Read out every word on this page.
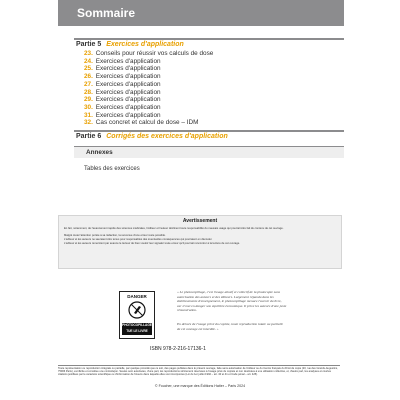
Sommaire
Partie 5 Exercices d'application
23. Conseils pour réussir vos calculs de dose
24. Exercices d'application
25. Exercices d'application
26. Exercices d'application
27. Exercices d'application
28. Exercices d'application
29. Exercices d'application
30. Exercices d'application
31. Exercices d'application
32. Cas concret et calcul de dose – IDM
Partie 6 Corrigés des exercices d'application
Annexes
Tables des exercices
Avertissement

En fait, notamment, de l'avancement rapide des sciences médicales, l'éditeur et l'auteur déclinent toute responsabilité du mauvais usage qui pourrait être fait du contenu de cet ouvrage.

Malgré toute l'attention portée à sa rédaction, la survenue d'une erreur reste possible.

L'éditeur et les auteurs ne sauraient être tenus pour responsables des éventuelles conséquences qui pourraient en découler.

L'éditeur et les auteurs remercient par avance le lecteur de bien vouloir leur signaler toute erreur qu'il pourrait rencontrer à la lecture de cet ouvrage.

DANGER
PHOTOCOPILLAGE
TUE LE LIVRE

« Le photocopillage, c'est l'usage abusif et collectif de la photocopie sans autorisation des auteurs et des éditeurs. Largement répandu dans les établissements d'enseignement, le photocopillage menace l'avenir du livre, car il met en danger son équilibre économique. Il prive les auteurs d'une juste rémunération.

En dehors de l'usage privé du copiste, toute reproduction totale ou partielle de cet ouvrage est interdite. »

ISBN 978-2-216-17136-1

Toute représentation ou reproduction intégrale ou partielle, par quelque procédé que ce soit, des pages publiées dans le présent ouvrage, faite sans autorisation de l'éditeur ou du Centre français du Droit de copie (20, rue des Grands-Augustins, 75006 Paris), est illicite et constitue une contrefaçon. Seules sont autorisées, d'une part, les reproductions strictement réservées à l'usage privé du copiste et non destinées à une utilisation collective, et, d'autre part, les analyses et courtes citations justifiées par le caractère scientifique ou d'information de l'œuvre dans laquelle elles sont incorporées (Loi du 1er juillet 1992 – art. 40 et 41 et Code pénal – art. 425).

© Foucher, une marque des Éditions Hatier – Paris 2024
